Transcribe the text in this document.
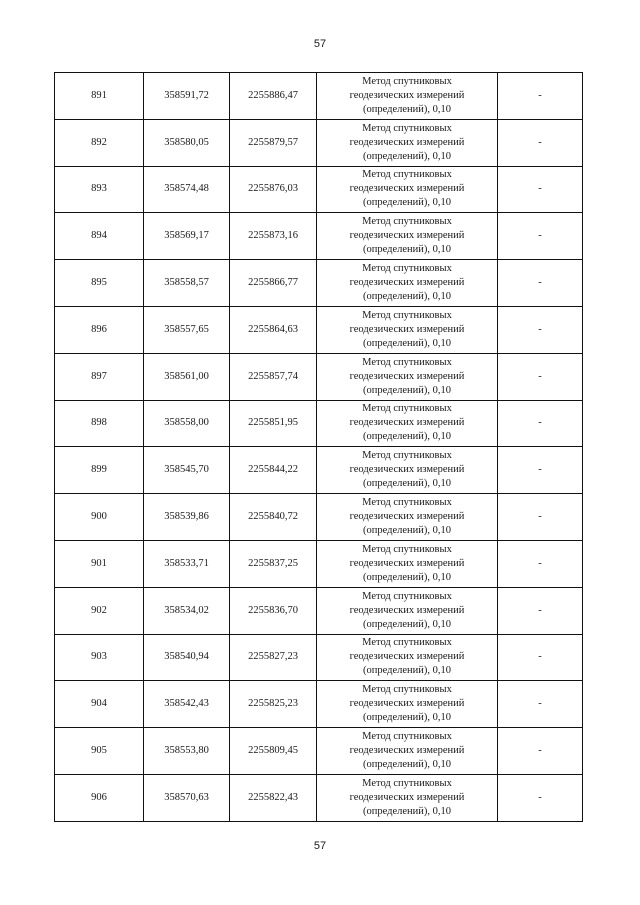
57
891	358591,72	2255886,47	Метод спутниковых
геодезических измерений
(определений), 0,10	-
892	358580,05	2255879,57	Метод спутниковых
геодезических измерений
(определений), 0,10	-
893	358574,48	2255876,03	Метод спутниковых
геодезических измерений
(определений), 0,10	-
894	358569,17	2255873,16	Метод спутниковых
геодезических измерений
(определений), 0,10	-
895	358558,57	2255866,77	Метод спутниковых
геодезических измерений
(определений), 0,10	-
896	358557,65	2255864,63	Метод спутниковых
геодезических измерений
(определений), 0,10	-
897	358561,00	2255857,74	Метод спутниковых
геодезических измерений
(определений), 0,10	-
898	358558,00	2255851,95	Метод спутниковых
геодезических измерений
(определений), 0,10	-
899	358545,70	2255844,22	Метод спутниковых
геодезических измерений
(определений), 0,10	-
900	358539,86	2255840,72	Метод спутниковых
геодезических измерений
(определений), 0,10	-
901	358533,71	2255837,25	Метод спутниковых
геодезических измерений
(определений), 0,10	-
902	358534,02	2255836,70	Метод спутниковых
геодезических измерений
(определений), 0,10	-
903	358540,94	2255827,23	Метод спутниковых
геодезических измерений
(определений), 0,10	-
904	358542,43	2255825,23	Метод спутниковых
геодезических измерений
(определений), 0,10	-
905	358553,80	2255809,45	Метод спутниковых
геодезических измерений
(определений), 0,10	-
906	358570,63	2255822,43	Метод спутниковых
геодезических измерений
(определений), 0,10	-
57
